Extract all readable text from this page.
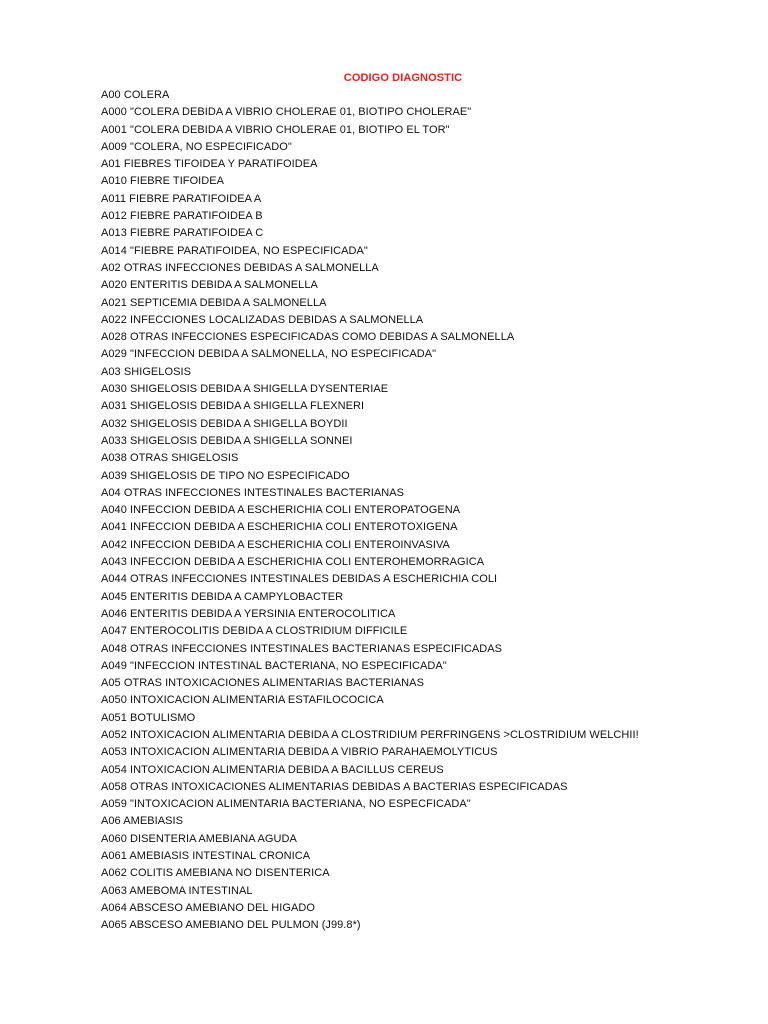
CODIGO DIAGNOSTIC
A00 COLERA
A000 "COLERA DEBIDA A VIBRIO CHOLERAE 01, BIOTIPO CHOLERAE"
A001 "COLERA DEBIDA A VIBRIO CHOLERAE 01, BIOTIPO EL TOR"
A009 "COLERA, NO ESPECIFICADO"
A01 FIEBRES TIFOIDEA Y PARATIFOIDEA
A010 FIEBRE TIFOIDEA
A011 FIEBRE PARATIFOIDEA A
A012 FIEBRE PARATIFOIDEA B
A013 FIEBRE PARATIFOIDEA C
A014 "FIEBRE PARATIFOIDEA, NO ESPECIFICADA"
A02 OTRAS INFECCIONES DEBIDAS A SALMONELLA
A020 ENTERITIS DEBIDA A SALMONELLA
A021 SEPTICEMIA DEBIDA A SALMONELLA
A022 INFECCIONES LOCALIZADAS DEBIDAS A SALMONELLA
A028 OTRAS INFECCIONES ESPECIFICADAS COMO DEBIDAS A SALMONELLA
A029 "INFECCION DEBIDA A SALMONELLA, NO ESPECIFICADA"
A03 SHIGELOSIS
A030 SHIGELOSIS DEBIDA A SHIGELLA DYSENTERIAE
A031 SHIGELOSIS DEBIDA A SHIGELLA FLEXNERI
A032 SHIGELOSIS DEBIDA A SHIGELLA BOYDII
A033 SHIGELOSIS DEBIDA A SHIGELLA SONNEI
A038 OTRAS SHIGELOSIS
A039 SHIGELOSIS DE TIPO NO ESPECIFICADO
A04 OTRAS INFECCIONES INTESTINALES BACTERIANAS
A040 INFECCION DEBIDA A ESCHERICHIA COLI ENTEROPATOGENA
A041 INFECCION DEBIDA A ESCHERICHIA COLI ENTEROTOXIGENA
A042 INFECCION DEBIDA A ESCHERICHIA COLI ENTEROINVASIVA
A043 INFECCION DEBIDA A ESCHERICHIA COLI ENTEROHEMORRAGICA
A044 OTRAS INFECCIONES INTESTINALES DEBIDAS A ESCHERICHIA COLI
A045 ENTERITIS DEBIDA A CAMPYLOBACTER
A046 ENTERITIS DEBIDA A YERSINIA ENTEROCOLITICA
A047 ENTEROCOLITIS DEBIDA A CLOSTRIDIUM DIFFICILE
A048 OTRAS INFECCIONES INTESTINALES BACTERIANAS ESPECIFICADAS
A049 "INFECCION INTESTINAL BACTERIANA, NO ESPECIFICADA"
A05 OTRAS INTOXICACIONES ALIMENTARIAS BACTERIANAS
A050 INTOXICACION ALIMENTARIA ESTAFILOCOCICA
A051 BOTULISMO
A052 INTOXICACION ALIMENTARIA DEBIDA A CLOSTRIDIUM PERFRINGENS >CLOSTRIDIUM WELCHII!
A053 INTOXICACION ALIMENTARIA DEBIDA A VIBRIO PARAHAEMOLYTICUS
A054 INTOXICACION ALIMENTARIA DEBIDA A BACILLUS CEREUS
A058 OTRAS INTOXICACIONES ALIMENTARIAS DEBIDAS A BACTERIAS ESPECIFICADAS
A059 "INTOXICACION ALIMENTARIA BACTERIANA, NO ESPECFICADA"
A06 AMEBIASIS
A060 DISENTERIA AMEBIANA AGUDA
A061 AMEBIASIS INTESTINAL CRONICA
A062 COLITIS AMEBIANA NO DISENTERICA
A063 AMEBOMA INTESTINAL
A064 ABSCESO AMEBIANO DEL HIGADO
A065 ABSCESO AMEBIANO DEL PULMON (J99.8*)
